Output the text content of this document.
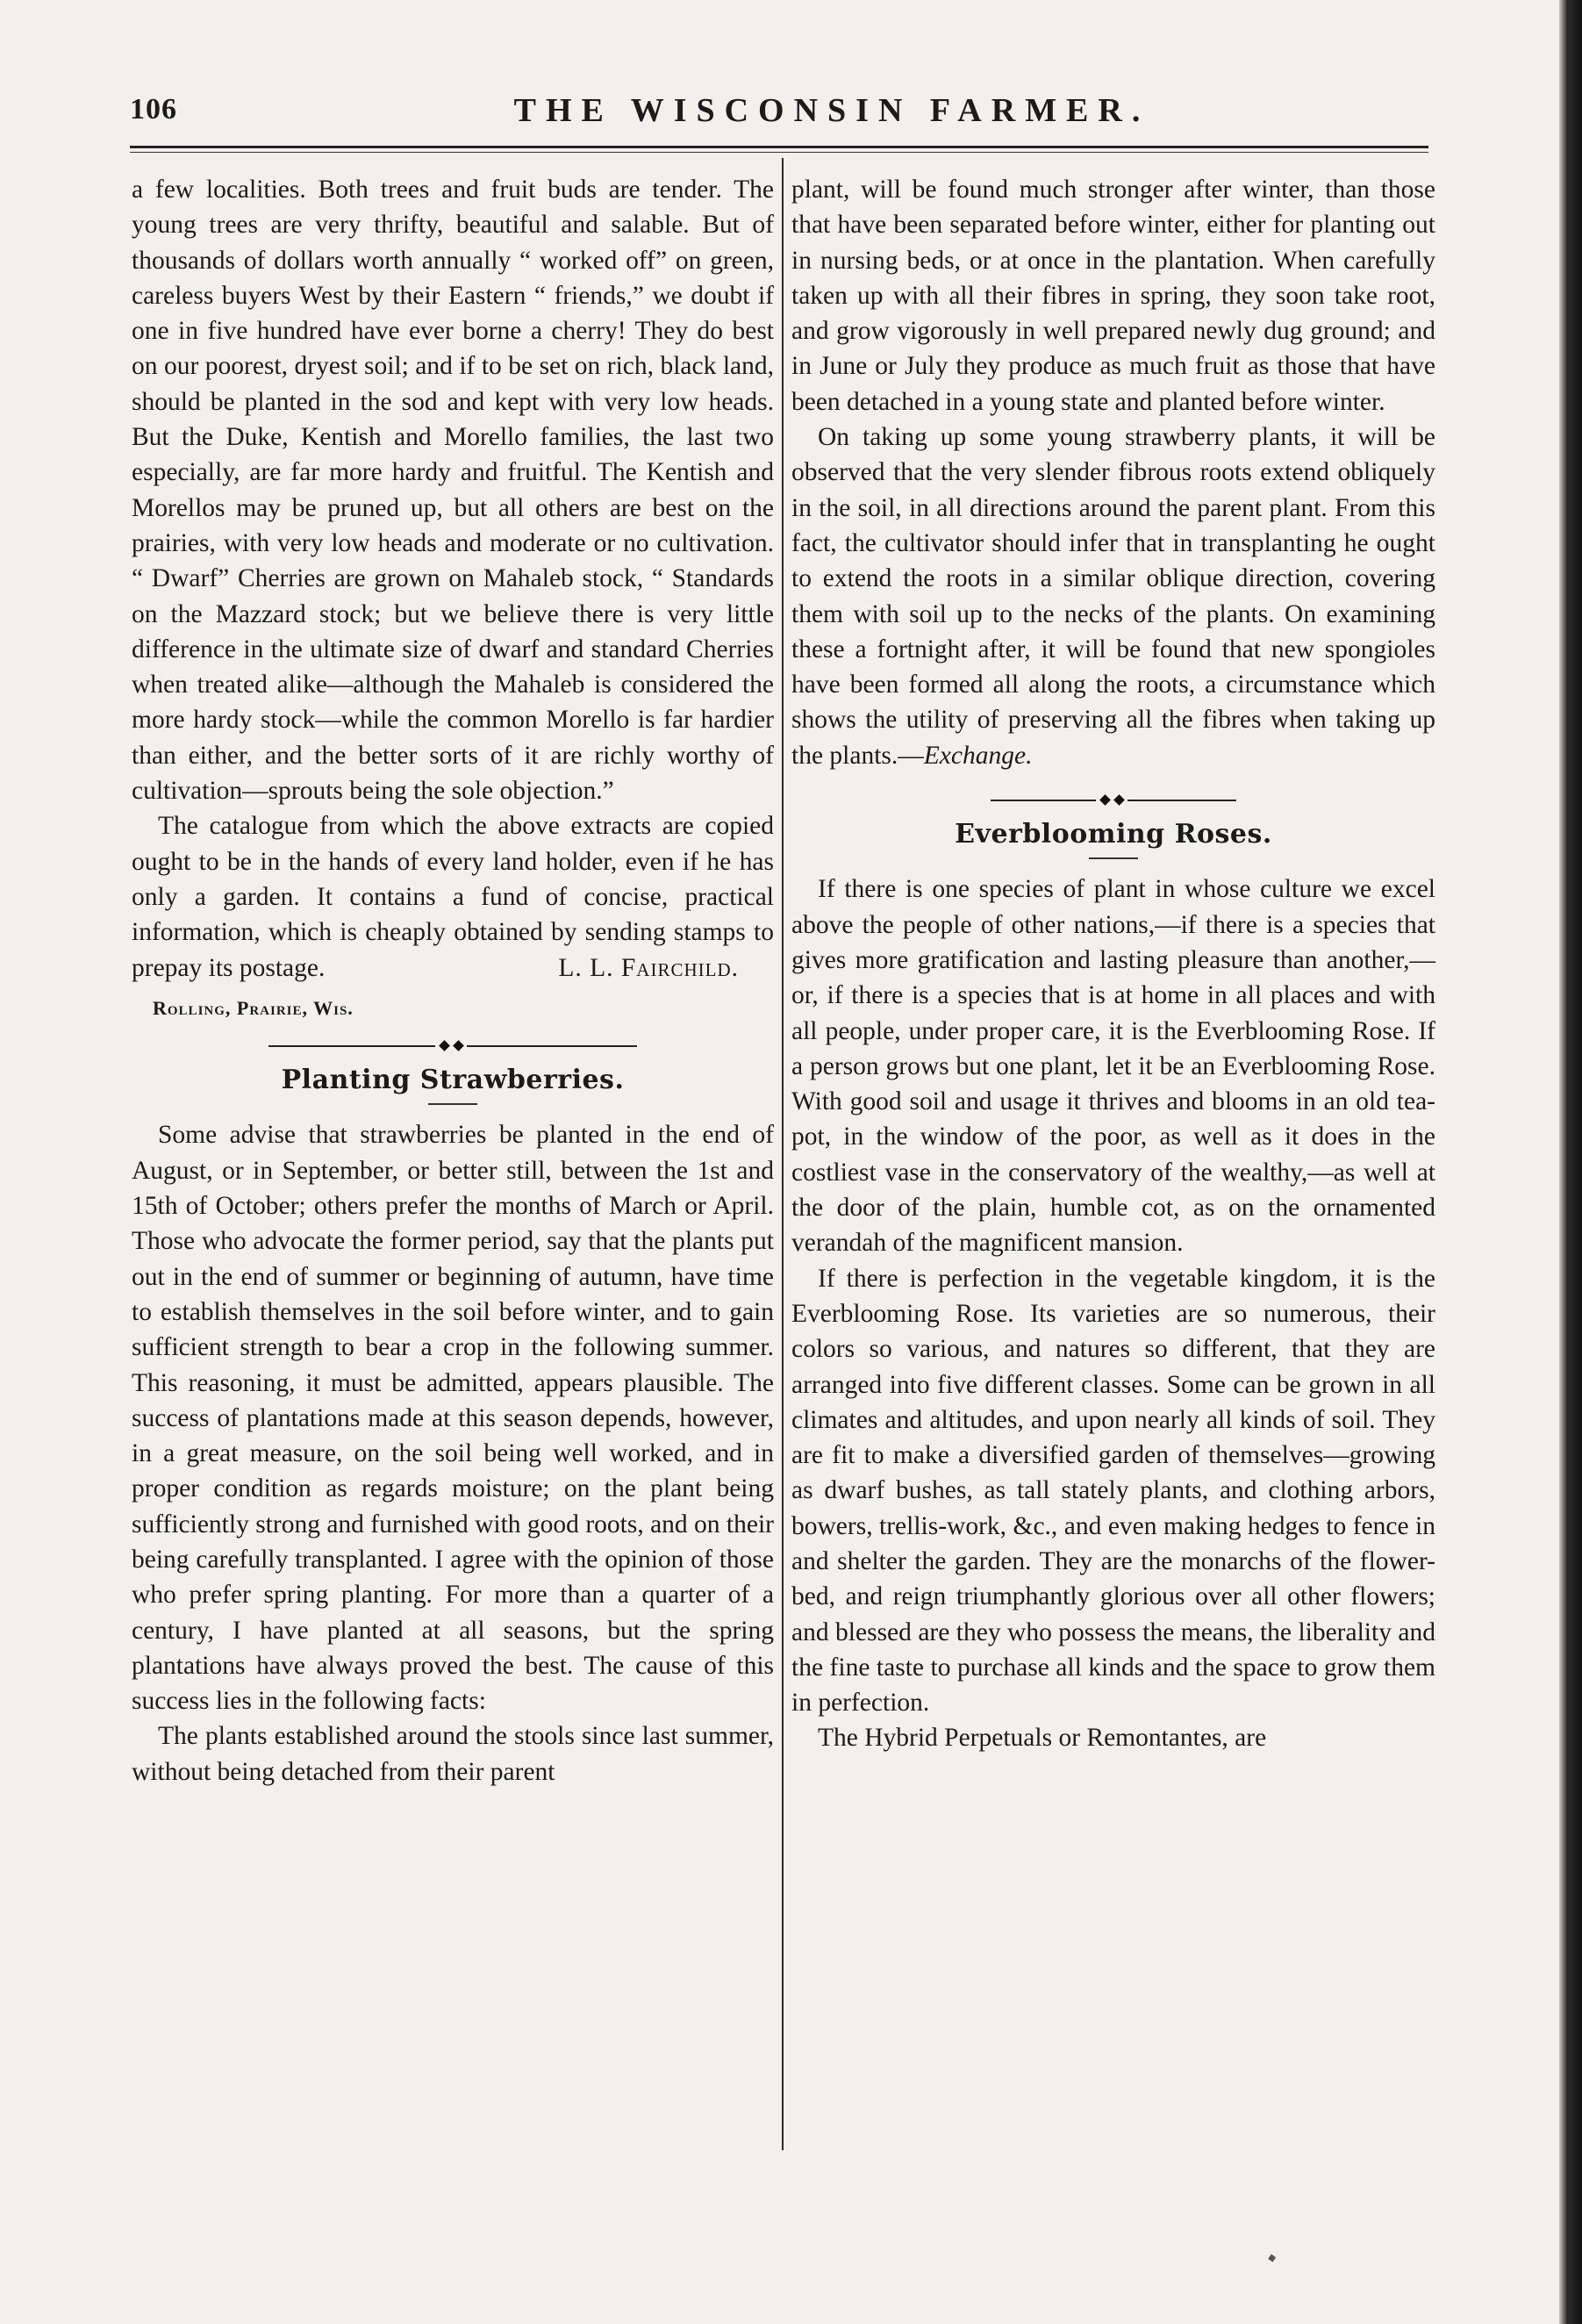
106	THE WISCONSIN FARMER.

a few localities. Both trees and fruit buds are tender. The young trees are very thrifty, beautiful and salable. But of thousands of dollars worth annually “ worked off” on green, careless buyers West by their Eastern “ friends,” we doubt if one in five hundred have ever borne a cherry! They do best on our poorest, dryest soil; and if to be set on rich, black land, should be planted in the sod and kept with very low heads. But the Duke, Kentish and Morello families, the last two especially, are far more hardy and fruitful. The Kentish and Morellos may be pruned up, but all others are best on the prairies, with very low heads and moderate or no cultivation. “ Dwarf” Cherries are grown on Mahaleb stock, “ Standards on the Mazzard stock; but we believe there is very little difference in the ultimate size of dwarf and standard Cherries when treated alike—although the Mahaleb is considered the more hardy stock—while the common Morello is far hardier than either, and the better sorts of it are richly worthy of cultivation—sprouts being the sole objection.”

The catalogue from which the above extracts are copied ought to be in the hands of every land holder, even if he has only a garden. It contains a fund of concise, practical information, which is cheaply obtained by sending stamps to prepay its postage.	L. L. Fairchild.

Rolling, Prairie, Wis.
Planting Strawberries.

Some advise that strawberries be planted in the end of August, or in September, or better still, between the 1st and 15th of October; others prefer the months of March or April. Those who advocate the former period, say that the plants put out in the end of summer or beginning of autumn, have time to establish themselves in the soil before winter, and to gain sufficient strength to bear a crop in the following summer. This reasoning, it must be admitted, appears plausible. The success of plantations made at this season depends, however, in a great measure, on the soil being well worked, and in proper condition as regards moisture; on the plant being sufficiently strong and furnished with good roots, and on their being carefully transplanted. I agree with the opinion of those who prefer spring planting. For more than a quarter of a century, I have planted at all seasons, but the spring plantations have always proved the best. The cause of this success lies in the following facts:

The plants established around the stools since last summer, without being detached from their parent

plant, will be found much stronger after winter, than those that have been separated before winter, either for planting out in nursing beds, or at once in the plantation. When carefully taken up with all their fibres in spring, they soon take root, and grow vigorously in well prepared newly dug ground; and in June or July they produce as much fruit as those that have been detached in a young state and planted before winter.

On taking up some young strawberry plants, it will be observed that the very slender fibrous roots extend obliquely in the soil, in all directions around the parent plant. From this fact, the cultivator should infer that in transplanting he ought to extend the roots in a similar oblique direction, covering them with soil up to the necks of the plants. On examining these a fortnight after, it will be found that new spongioles have been formed all along the roots, a circumstance which shows the utility of preserving all the fibres when taking up the plants.—Exchange.

Everblooming Roses.

If there is one species of plant in whose culture we excel above the people of other nations,—if there is a species that gives more gratification and lasting pleasure than another,—or, if there is a species that is at home in all places and with all people, under proper care, it is the Everblooming Rose. If a person grows but one plant, let it be an Everblooming Rose. With good soil and usage it thrives and blooms in an old tea-pot, in the window of the poor, as well as it does in the costliest vase in the conservatory of the wealthy,—as well at the door of the plain, humble cot, as on the ornamented verandah of the magnificent mansion.

If there is perfection in the vegetable kingdom, it is the Everblooming Rose. Its varieties are so numerous, their colors so various, and natures so different, that they are arranged into five different classes. Some can be grown in all climates and altitudes, and upon nearly all kinds of soil. They are fit to make a diversified garden of themselves—growing as dwarf bushes, as tall stately plants, and clothing arbors, bowers, trellis-work, &c., and even making hedges to fence in and shelter the garden. They are the monarchs of the flower-bed, and reign triumphantly glorious over all other flowers; and blessed are they who possess the means, the liberality and the fine taste to purchase all kinds and the space to grow them in perfection.

The Hybrid Perpetuals or Remontantes, are

▪
